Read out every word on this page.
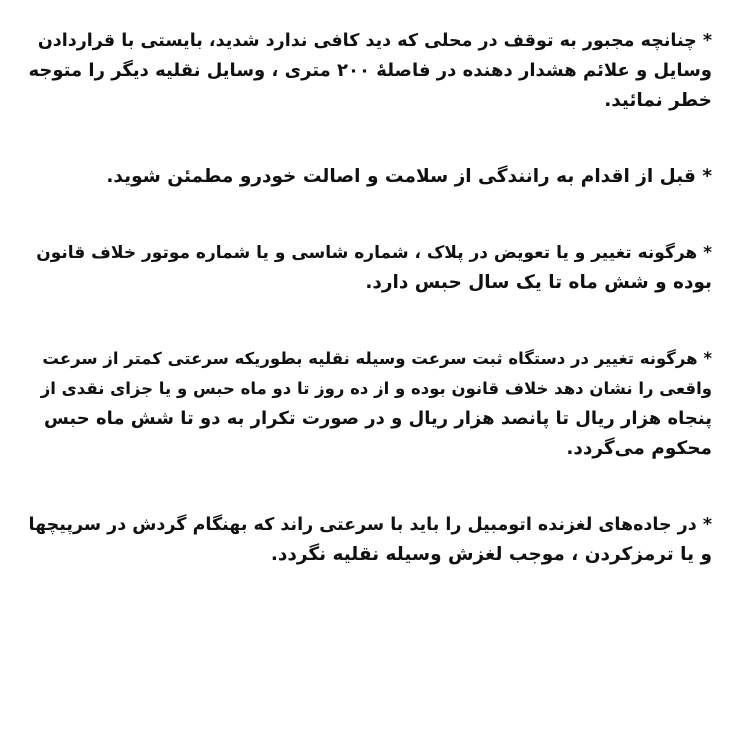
* چنانچه مجبور به توقف در محلی که دید کافی ندارد شدید، بایستی با قراردادن
وسایل و علائم هشدار دهنده در فاصلهٔ ۲۰۰ متری ، وسایل نقلیه دیگر را متوجه
خطر نمائید.

* قبل از اقدام به رانندگی از سلامت و اصالت خودرو مطمئن شوید.

* هرگونه تغییر و یا تعویض در پلاک ، شماره شاسی و یا شماره موتور خلاف قانون
بوده و شش ماه تا یک سال حبس دارد.

* هرگونه تغییر در دستگاه ثبت سرعت وسیله نقلیه بطوریکه سرعتی کمتر از سرعت
واقعی را نشان دهد خلاف قانون بوده و از ده روز تا دو ماه حبس و یا جزای نقدی از
پنجاه هزار ریال تا پانصد هزار ریال و در صورت تکرار به دو تا شش ماه حبس
محکوم می‌گردد.

* در جاده‌های لغزنده اتومبیل را باید با سرعتی راند که بهنگام گردش در سرپیچها
و یا ترمزکردن ، موجب لغزش وسیله نقلیه نگردد.
